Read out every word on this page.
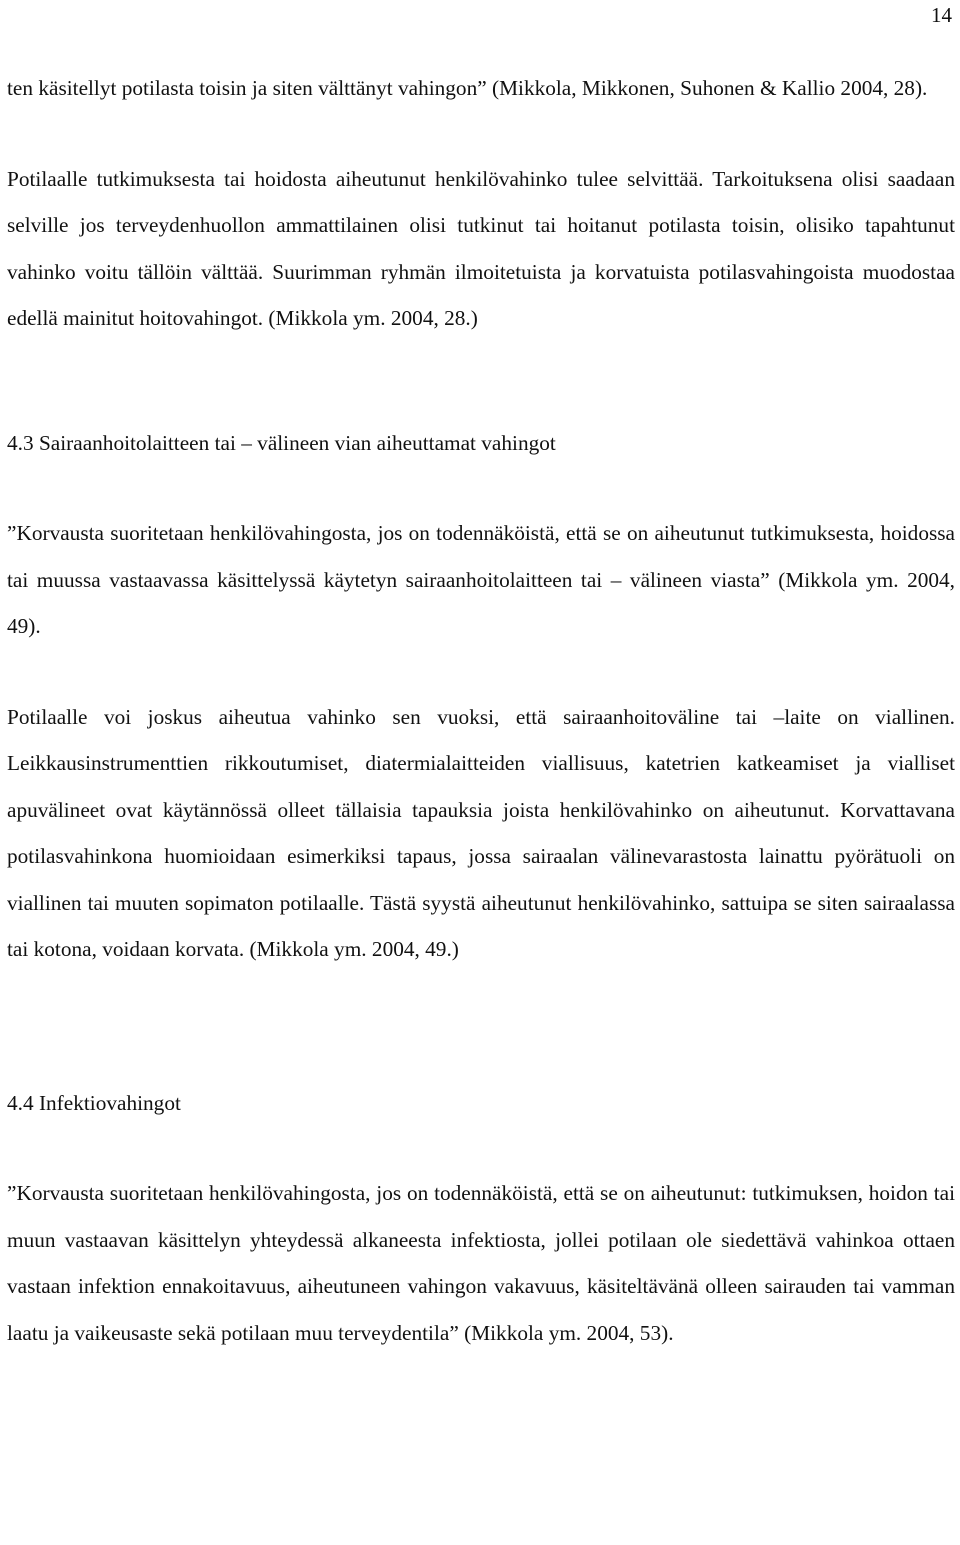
14

ten käsitellyt potilasta toisin ja siten välttänyt vahingon” (Mikkola, Mikkonen, Suhonen & Kallio 2004, 28).

Potilaalle tutkimuksesta tai hoidosta aiheutunut henkilövahinko tulee selvittää. Tarkoituksena olisi saadaan selville jos terveydenhuollon ammattilainen olisi tutkinut tai hoitanut potilasta toisin, olisiko tapahtunut vahinko voitu tällöin välttää. Suurimman ryhmän ilmoitetuista ja korvatuista potilasvahingoista muodostaa edellä mainitut hoitovahingot. (Mikkola ym. 2004, 28.)

4.3 Sairaanhoitolaitteen tai – välineen vian aiheuttamat vahingot

”Korvausta suoritetaan henkilövahingosta, jos on todennäköistä, että se on aiheutunut tutkimuksesta, hoidossa tai muussa vastaavassa käsittelyssä käytetyn sairaanhoitolaitteen tai – välineen viasta” (Mikkola ym. 2004, 49).

Potilaalle voi joskus aiheutua vahinko sen vuoksi, että sairaanhoitoväline tai –laite on viallinen. Leikkausinstrumenttien rikkoutumiset, diatermialaitteiden viallisuus, katetrien katkeamiset ja vialliset apuvälineet ovat käytännössä olleet tällaisia tapauksia joista henkilövahinko on aiheutunut. Korvattavana potilasvahinkona huomioidaan esimerkiksi tapaus, jossa sairaalan välinevarastosta lainattu pyörätuoli on viallinen tai muuten sopimaton potilaalle. Tästä syystä aiheutunut henkilövahinko, sattuipa se siten sairaalassa tai kotona, voidaan korvata. (Mikkola ym. 2004, 49.)

4.4 Infektiovahingot

”Korvausta suoritetaan henkilövahingosta, jos on todennäköistä, että se on aiheutunut: tutkimuksen, hoidon tai muun vastaavan käsittelyn yhteydessä alkaneesta infektiosta, jollei potilaan ole siedettävä vahinkoa ottaen vastaan infektion ennakoitavuus, aiheutuneen vahingon vakavuus, käsiteltävänä olleen sairauden tai vamman laatu ja vaikeusaste sekä potilaan muu terveydentila” (Mikkola ym. 2004, 53).
